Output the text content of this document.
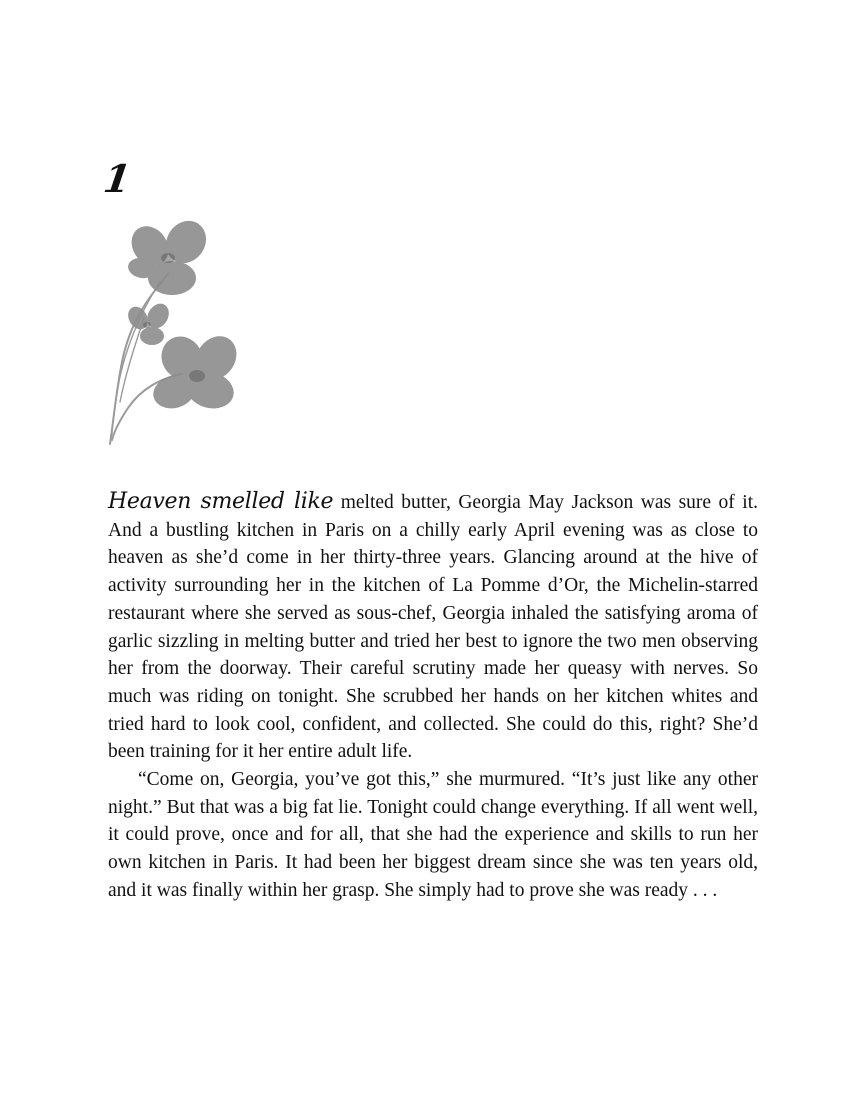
1

Heaven smelled like melted butter, Georgia May Jackson was sure of it. And a bustling kitchen in Paris on a chilly early April evening was as close to heaven as she’d come in her thirty-three years. Glancing around at the hive of activity surrounding her in the kitchen of La Pomme d’Or, the Michelin-starred restaurant where she served as sous-chef, Georgia inhaled the satisfying aroma of garlic sizzling in melting butter and tried her best to ignore the two men observing her from the doorway. Their careful scrutiny made her queasy with nerves. So much was riding on tonight. She scrubbed her hands on her kitchen whites and tried hard to look cool, confident, and collected. She could do this, right? She’d been training for it her entire adult life.

“Come on, Georgia, you’ve got this,” she murmured. “It’s just like any other night.” But that was a big fat lie. Tonight could change everything. If all went well, it could prove, once and for all, that she had the experience and skills to run her own kitchen in Paris. It had been her biggest dream since she was ten years old, and it was finally within her grasp. She simply had to prove she was ready . . .
